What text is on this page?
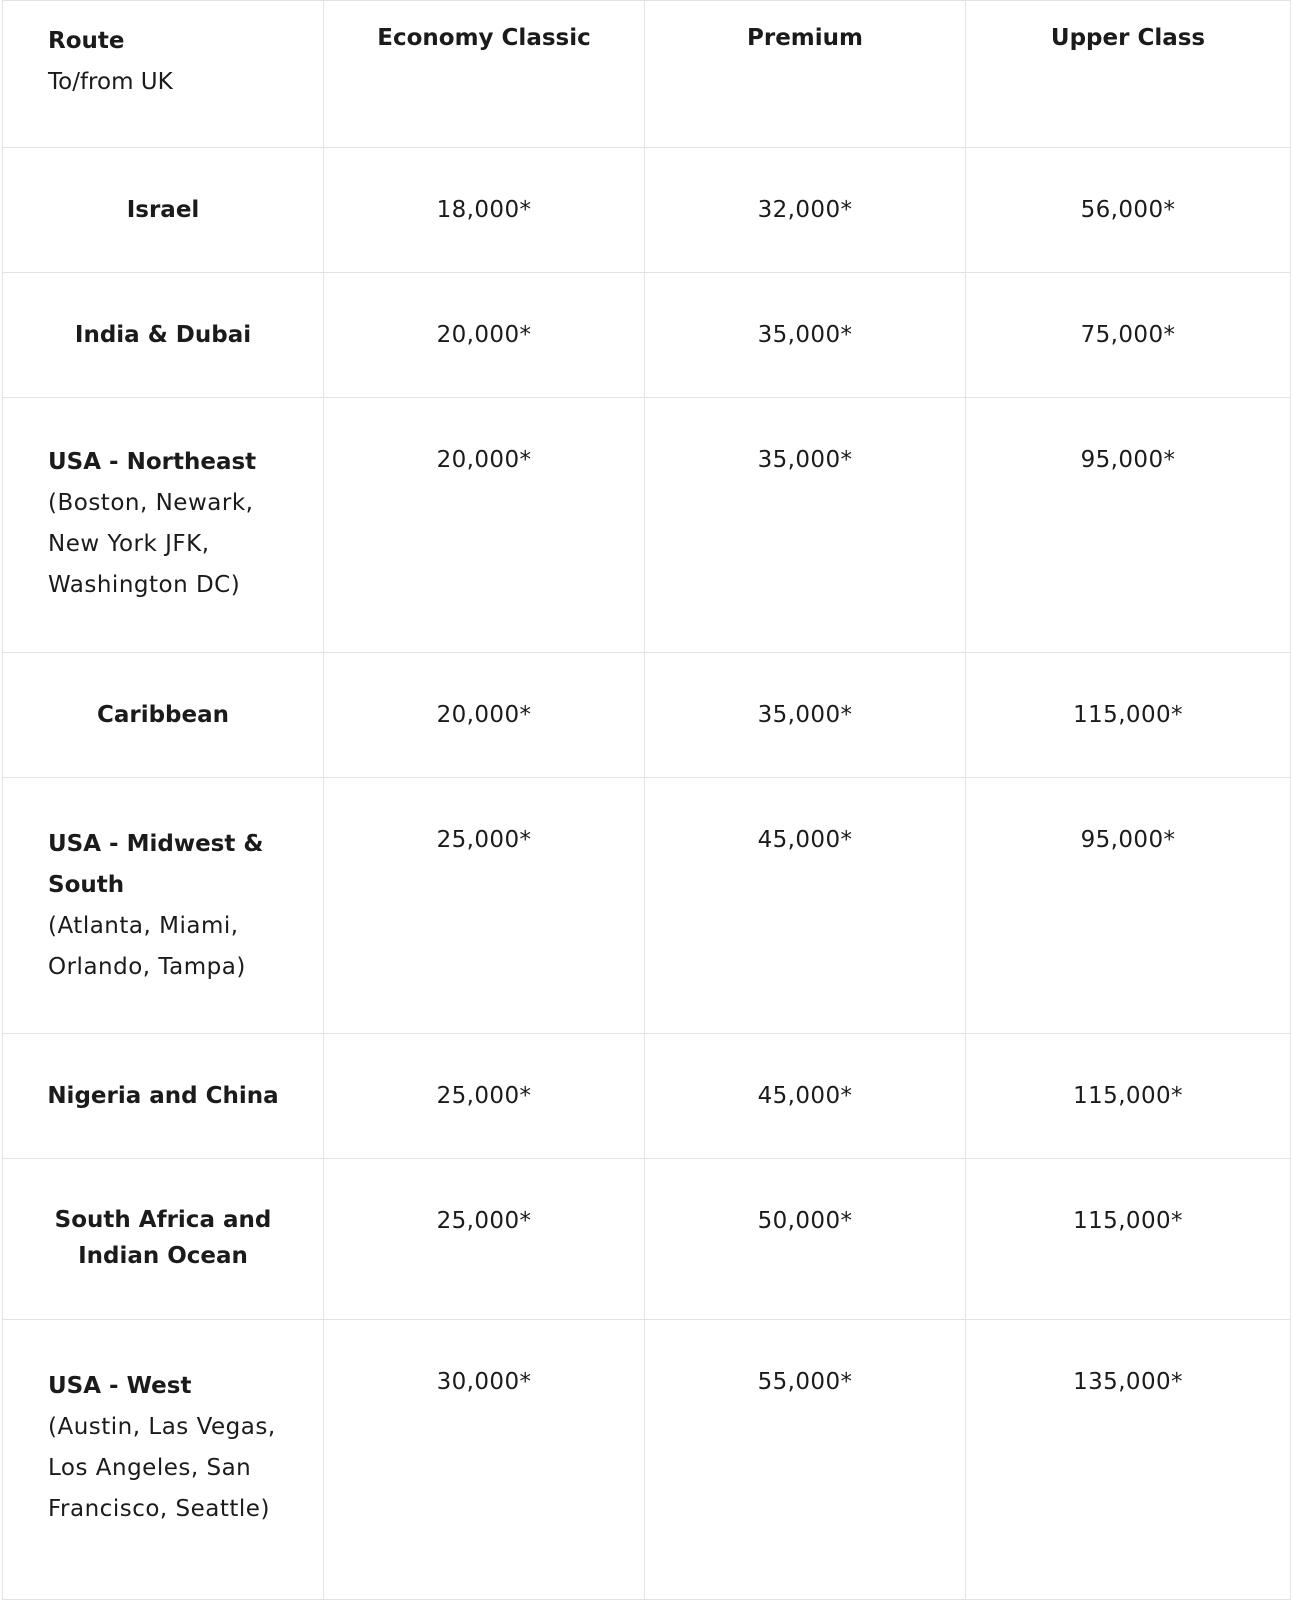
Route
To/from UK	Economy Classic	Premium	Upper Class

Israel	18,000*	32,000*	56,000*

India & Dubai	20,000*	35,000*	75,000*

USA - Northeast
(Boston, Newark, New York JFK, Washington DC)	20,000*	35,000*	95,000*

Caribbean	20,000*	35,000*	115,000*

USA - Midwest & South
(Atlanta, Miami, Orlando, Tampa)	25,000*	45,000*	95,000*

Nigeria and China	25,000*	45,000*	115,000*

South Africa and Indian Ocean	25,000*	50,000*	115,000*

USA - West
(Austin, Las Vegas, Los Angeles, San Francisco, Seattle)	30,000*	55,000*	135,000*
